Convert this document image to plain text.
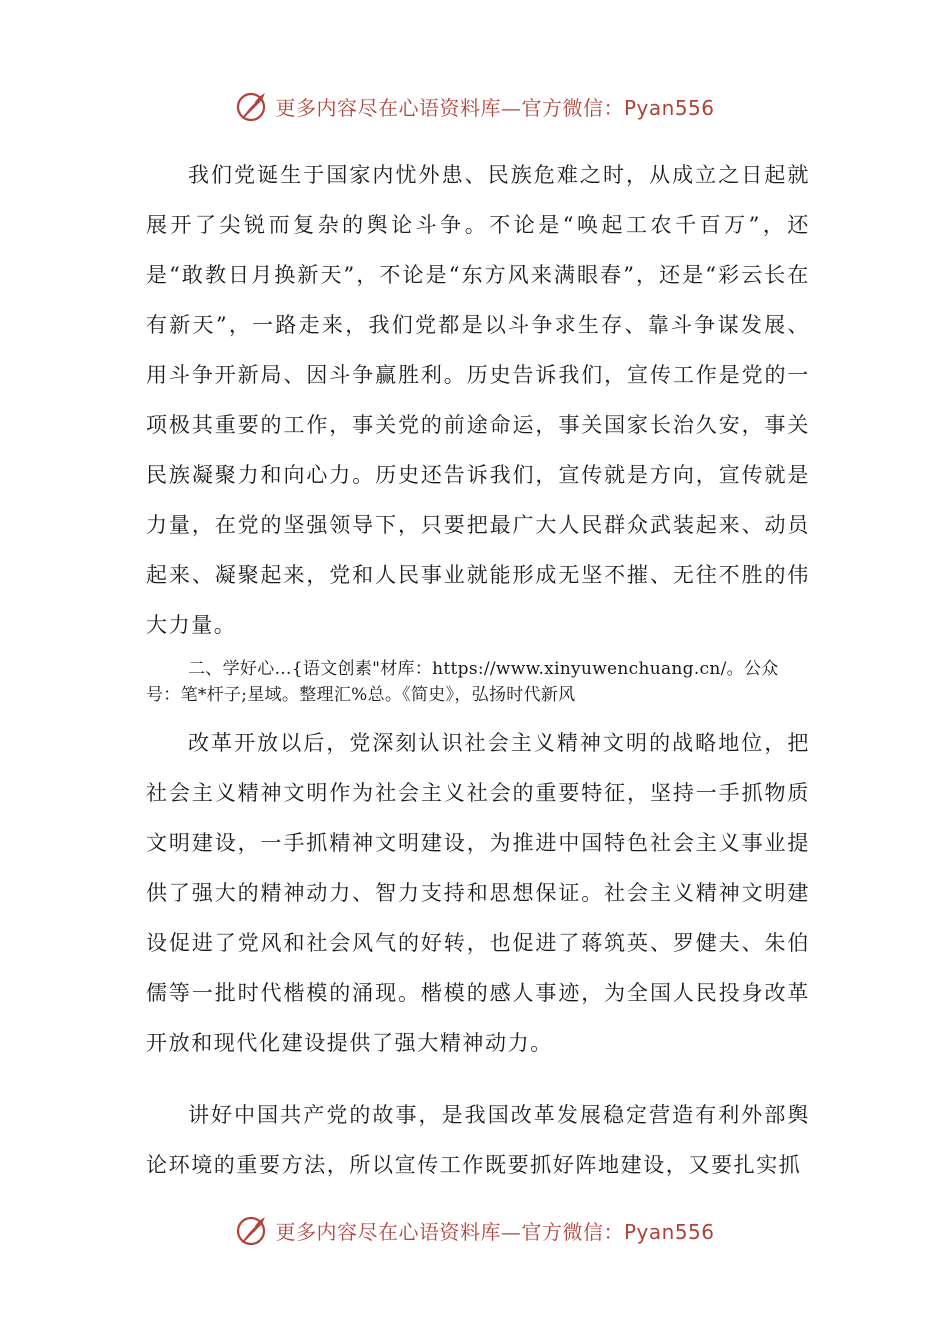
更多内容尽在心语资料库—官方微信：Pyan556

我们党诞生于国家内忧外患、民族危难之时，从成立之日起就展开了尖锐而复杂的舆论斗争。不论是“唤起工农千百万”，还是“敢教日月换新天”，不论是“东方风来满眼春”，还是“彩云长在有新天”，一路走来，我们党都是以斗争求生存、靠斗争谋发展、用斗争开新局、因斗争赢胜利。历史告诉我们，宣传工作是党的一项极其重要的工作，事关党的前途命运，事关国家长治久安，事关民族凝聚力和向心力。历史还告诉我们，宣传就是方向，宣传就是力量，在党的坚强领导下，只要把最广大人民群众武装起来、动员起来、凝聚起来，党和人民事业就能形成无坚不摧、无往不胜的伟大力量。

二、学好心…{语文创素"材库：https://www.xinyuwenchuang.cn/。公众号：笔*杆子;星域。整理汇%总。《简史》，弘扬时代新风

改革开放以后，党深刻认识社会主义精神文明的战略地位，把社会主义精神文明作为社会主义社会的重要特征，坚持一手抓物质文明建设，一手抓精神文明建设，为推进中国特色社会主义事业提供了强大的精神动力、智力支持和思想保证。社会主义精神文明建设促进了党风和社会风气的好转，也促进了蒋筑英、罗健夫、朱伯儒等一批时代楷模的涌现。楷模的感人事迹，为全国人民投身改革开放和现代化建设提供了强大精神动力。

讲好中国共产党的故事，是我国改革发展稳定营造有利外部舆论环境的重要方法，所以宣传工作既要抓好阵地建设，又要扎实抓

更多内容尽在心语资料库—官方微信：Pyan556
